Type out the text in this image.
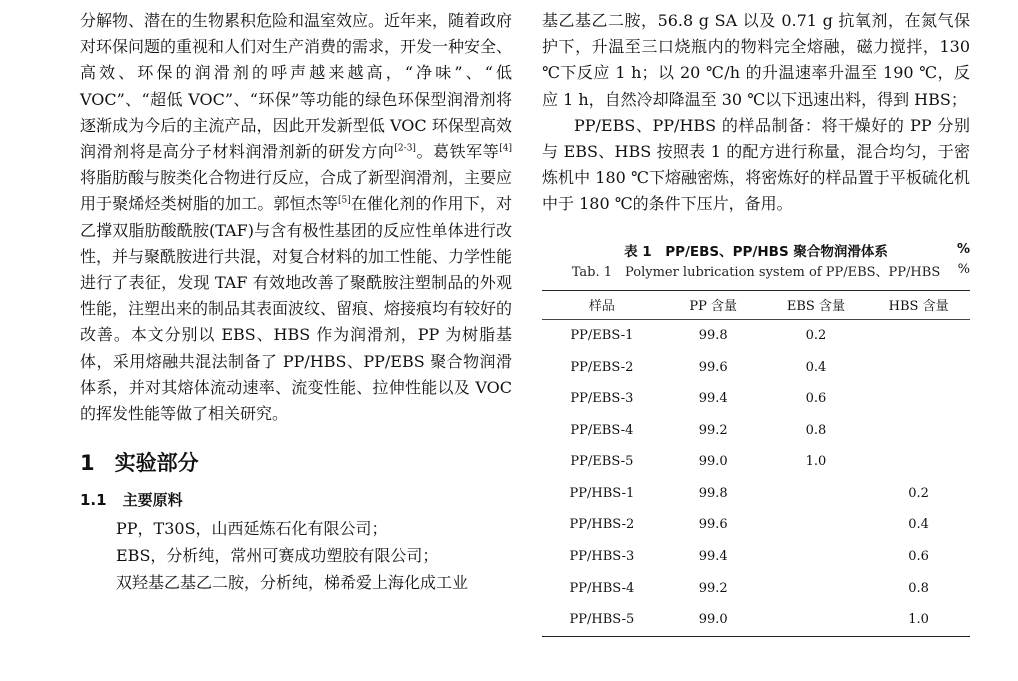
分解物、潜在的生物累积危险和温室效应。近年来，随着政府对环保问题的重视和人们对生产消费的需求，开发一种安全、高效、环保的润滑剂的呼声越来越高，“净味”、“低 VOC”、“超低 VOC”、“环保”等功能的绿色环保型润滑剂将逐渐成为今后的主流产品，因此开发新型低 VOC 环保型高效润滑剂将是高分子材料润滑剂新的研发方向[2-3]。葛铁军等[4]将脂肪酸与胺类化合物进行反应，合成了新型润滑剂，主要应用于聚烯烃类树脂的加工。郭恒杰等[5]在催化剂的作用下，对乙撑双脂肪酸酰胺(TAF)与含有极性基团的反应性单体进行改性，并与聚酰胺进行共混，对复合材料的加工性能、力学性能进行了表征，发现 TAF 有效地改善了聚酰胺注塑制品的外观性能，注塑出来的制品其表面波纹、留痕、熔接痕均有较好的改善。本文分别以 EBS、HBS 作为润滑剂，PP 为树脂基体，采用熔融共混法制备了 PP/HBS、PP/EBS 聚合物润滑体系，并对其熔体流动速率、流变性能、拉伸性能以及 VOC 的挥发性能等做了相关研究。

1 实验部分
1.1 主要原料

PP，T30S，山西延炼石化有限公司；

EBS，分析纯，常州可赛成功塑胶有限公司；

双羟基乙基乙二胺，分析纯，梯希爱上海化成工业

基乙基乙二胺，56.8 g SA 以及 0.71 g 抗氧剂，在氮气保护下，升温至三口烧瓶内的物料完全熔融，磁力搅拌，130 ℃下反应 1 h；以 20 ℃/h 的升温速率升温至 190 ℃，反应 1 h，自然冷却降温至 30 ℃以下迅速出料，得到 HBS；

PP/EBS、PP/HBS 的样品制备：将干燥好的 PP 分别与 EBS、HBS 按照表 1 的配方进行称量，混合均匀，于密炼机中 180 ℃下熔融密炼，将密炼好的样品置于平板硫化机中于 180 ℃的条件下压片，备用。

表 1　PP/EBS、PP/HBS 聚合物润滑体系
Tab. 1　Polymer lubrication system of PP/EBS、PP/HBS
%
%
样品	PP 含量	EBS 含量	HBS 含量
PP/EBS-1	99.8	0.2	
PP/EBS-2	99.6	0.4	
PP/EBS-3	99.4	0.6	
PP/EBS-4	99.2	0.8	
PP/EBS-5	99.0	1.0	
PP/HBS-1	99.8		0.2
PP/HBS-2	99.6		0.4
PP/HBS-3	99.4		0.6
PP/HBS-4	99.2		0.8
PP/HBS-5	99.0		1.0
